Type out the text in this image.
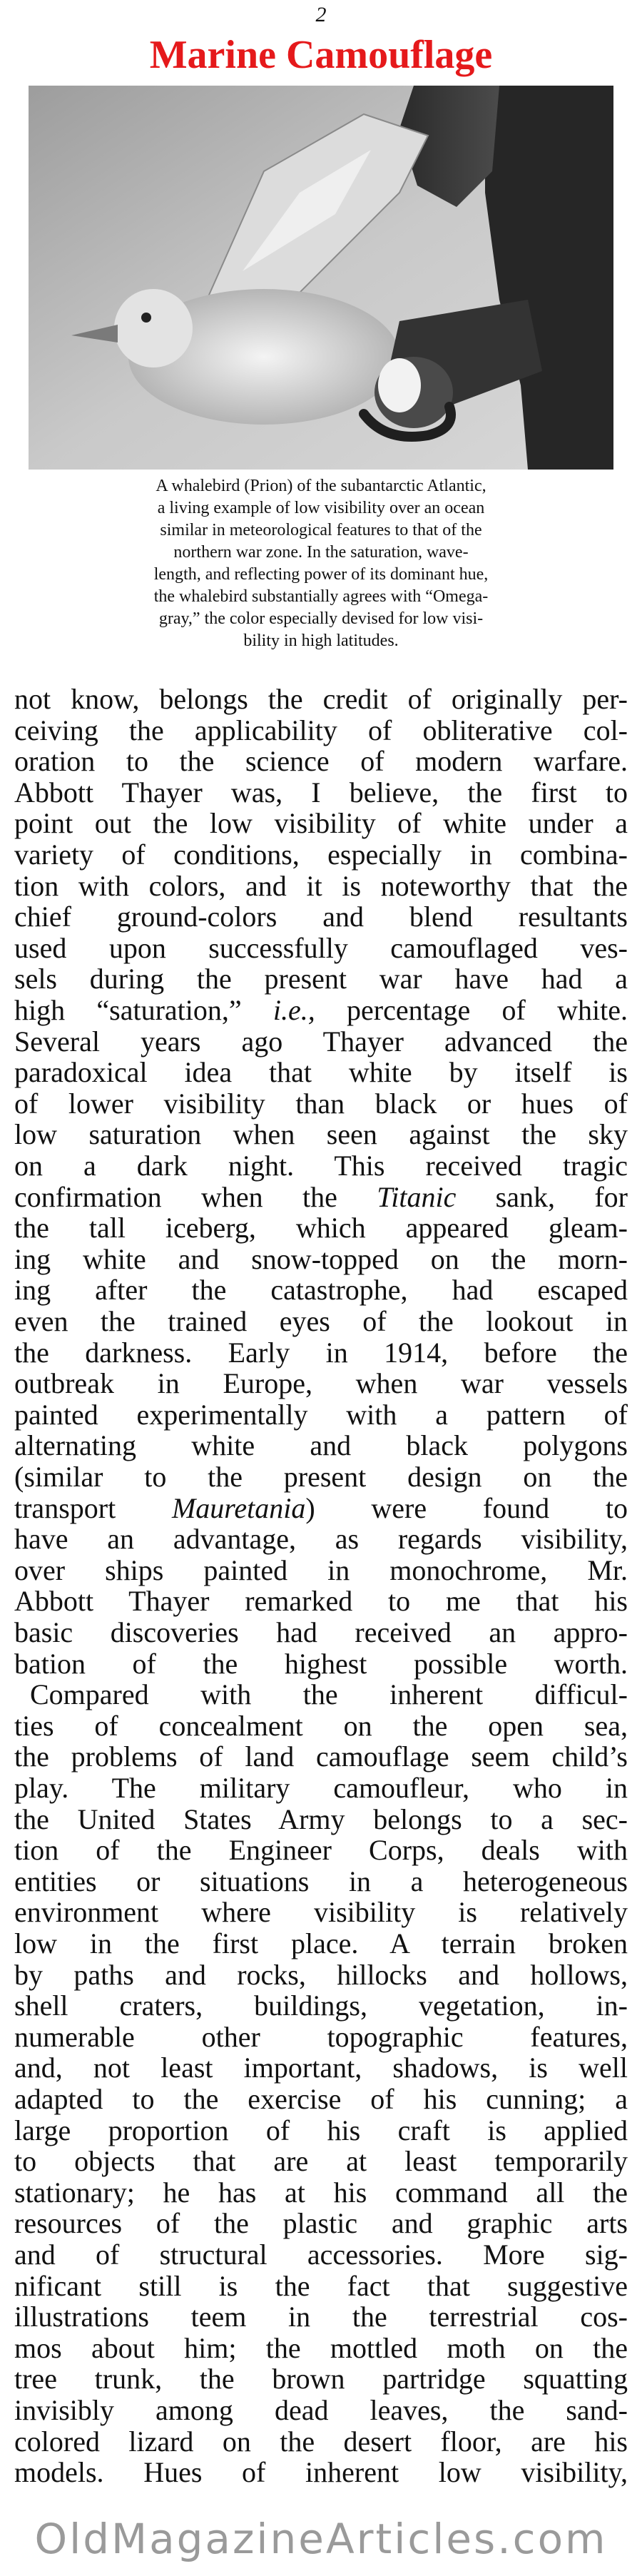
2
Marine Camouflage
A whalebird (Prion) of the subantarctic Atlantic,
a living example of low visibility over an ocean
similar in meteorological features to that of the
northern war zone. In the saturation, wave-
length, and reflecting power of its dominant hue,
the whalebird substantially agrees with “Omega-
gray,” the color especially devised for low visi-
bility in high latitudes.
not know, belongs the credit of originally per-
ceiving the applicability of obliterative col-
oration to the science of modern warfare.
Abbott Thayer was, I believe, the first to
point out the low visibility of white under a
variety of conditions, especially in combina-
tion with colors, and it is noteworthy that the
chief ground-colors and blend resultants
used upon successfully camouflaged ves-
sels during the present war have had a
high “saturation,” i.e., percentage of white.
Several years ago Thayer advanced the
paradoxical idea that white by itself is
of lower visibility than black or hues of
low saturation when seen against the sky
on a dark night. This received tragic
confirmation when the Titanic sank, for
the tall iceberg, which appeared gleam-
ing white and snow-topped on the morn-
ing after the catastrophe, had escaped
even the trained eyes of the lookout in
the darkness. Early in 1914, before the
outbreak in Europe, when war vessels
painted experimentally with a pattern of
alternating white and black polygons
(similar to the present design on the
transport Mauretania) were found to
have an advantage, as regards visibility,
over ships painted in monochrome, Mr.
Abbott Thayer remarked to me that his
basic discoveries had received an appro-
bation of the highest possible worth.
Compared with the inherent difficul-
ties of concealment on the open sea,
the problems of land camouflage seem child’s
play. The military camoufleur, who in
the United States Army belongs to a sec-
tion of the Engineer Corps, deals with
entities or situations in a heterogeneous
environment where visibility is relatively
low in the first place. A terrain broken
by paths and rocks, hillocks and hollows,
shell craters, buildings, vegetation, in-
numerable other topographic features,
and, not least important, shadows, is well
adapted to the exercise of his cunning; a
large proportion of his craft is applied
to objects that are at least temporarily
stationary; he has at his command all the
resources of the plastic and graphic arts
and of structural accessories. More sig-
nificant still is the fact that suggestive
illustrations teem in the terrestrial cos-
mos about him; the mottled moth on the
tree trunk, the brown partridge squatting
invisibly among dead leaves, the sand-
colored lizard on the desert floor, are his
models. Hues of inherent low visibility,
OldMagazineArticles.com
